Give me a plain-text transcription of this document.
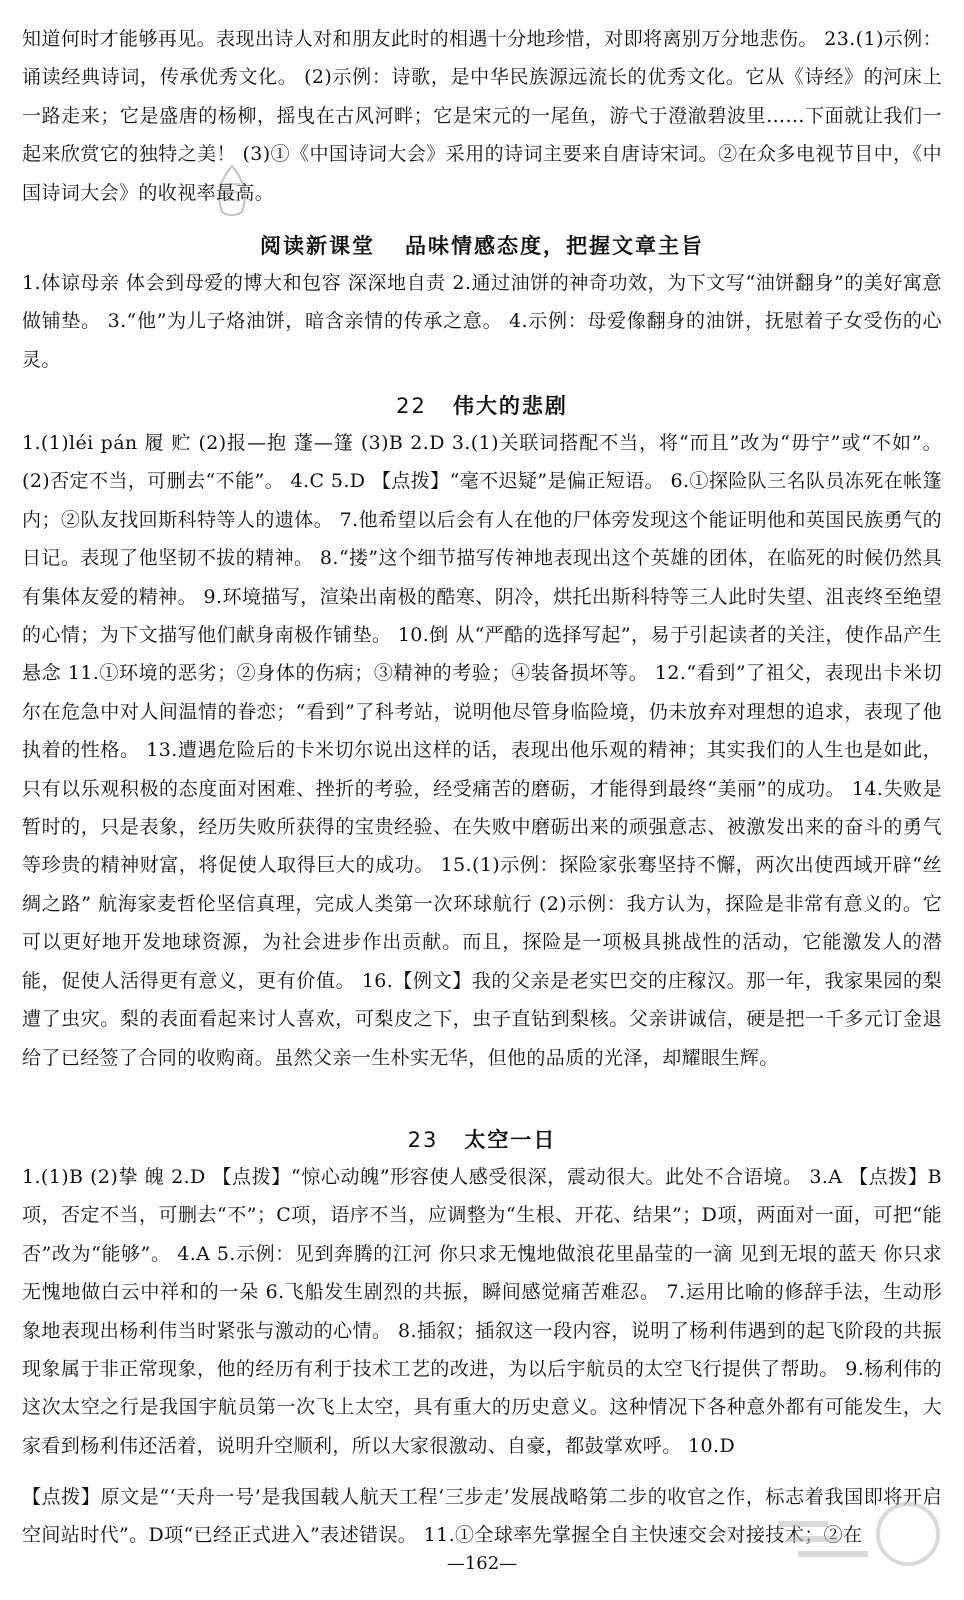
知道何时才能够再见。表现出诗人对和朋友此时的相遇十分地珍惜，对即将离别万分地悲伤。 23.(1)示例：诵读经典诗词，传承优秀文化。 (2)示例：诗歌，是中华民族源远流长的优秀文化。它从《诗经》的河床上一路走来；它是盛唐的杨柳，摇曳在古风河畔；它是宋元的一尾鱼，游弋于澄澈碧波里……下面就让我们一起来欣赏它的独特之美！ (3)①《中国诗词大会》采用的诗词主要来自唐诗宋词。②在众多电视节目中，《中国诗词大会》的收视率最高。

阅读新课堂 品味情感态度，把握文章主旨

1.体谅母亲 体会到母爱的博大和包容 深深地自责 2.通过油饼的神奇功效，为下文写“油饼翻身”的美好寓意做铺垫。 3.“他”为儿子烙油饼，暗含亲情的传承之意。 4.示例：母爱像翻身的油饼，抚慰着子女受伤的心灵。

22 伟大的悲剧

1.(1)léi pán 履 贮 (2)报—抱 蓬—篷 (3)B 2.D 3.(1)关联词搭配不当，将“而且”改为“毋宁”或“不如”。 (2)否定不当，可删去“不能”。 4.C 5.D 【点拨】“毫不迟疑”是偏正短语。 6.①探险队三名队员冻死在帐篷内；②队友找回斯科特等人的遗体。 7.他希望以后会有人在他的尸体旁发现这个能证明他和英国民族勇气的日记。表现了他坚韧不拔的精神。 8.“搂”这个细节描写传神地表现出这个英雄的团体，在临死的时候仍然具有集体友爱的精神。 9.环境描写，渲染出南极的酷寒、阴冷，烘托出斯科特等三人此时失望、沮丧终至绝望的心情；为下文描写他们献身南极作铺垫。 10.倒 从“严酷的选择写起”，易于引起读者的关注，使作品产生悬念 11.①环境的恶劣；②身体的伤病；③精神的考验；④装备损坏等。 12.“看到”了祖父，表现出卡米切尔在危急中对人间温情的眷恋；“看到”了科考站，说明他尽管身临险境，仍未放弃对理想的追求，表现了他执着的性格。 13.遭遇危险后的卡米切尔说出这样的话，表现出他乐观的精神；其实我们的人生也是如此，只有以乐观积极的态度面对困难、挫折的考验，经受痛苦的磨砺，才能得到最终“美丽”的成功。 14.失败是暂时的，只是表象，经历失败所获得的宝贵经验、在失败中磨砺出来的顽强意志、被激发出来的奋斗的勇气等珍贵的精神财富，将促使人取得巨大的成功。 15.(1)示例：探险家张骞坚持不懈，两次出使西域开辟“丝绸之路” 航海家麦哲伦坚信真理，完成人类第一次环球航行 (2)示例：我方认为，探险是非常有意义的。它可以更好地开发地球资源，为社会进步作出贡献。而且，探险是一项极具挑战性的活动，它能激发人的潜能，促使人活得更有意义，更有价值。 16.【例文】我的父亲是老实巴交的庄稼汉。那一年，我家果园的梨遭了虫灾。梨的表面看起来讨人喜欢，可梨皮之下，虫子直钻到梨核。父亲讲诚信，硬是把一千多元订金退给了已经签了合同的收购商。虽然父亲一生朴实无华，但他的品质的光泽，却耀眼生辉。

23 太空一日

1.(1)B (2)挚 魄 2.D 【点拨】“惊心动魄”形容使人感受很深，震动很大。此处不合语境。 3.A 【点拨】B项，否定不当，可删去“不”；C项，语序不当，应调整为“生根、开花、结果”；D项，两面对一面，可把“能否”改为“能够”。 4.A 5.示例：见到奔腾的江河 你只求无愧地做浪花里晶莹的一滴 见到无垠的蓝天 你只求无愧地做白云中祥和的一朵 6.飞船发生剧烈的共振，瞬间感觉痛苦难忍。 7.运用比喻的修辞手法，生动形象地表现出杨利伟当时紧张与激动的心情。 8.插叙；插叙这一段内容，说明了杨利伟遇到的起飞阶段的共振现象属于非正常现象，他的经历有利于技术工艺的改进，为以后宇航员的太空飞行提供了帮助。 9.杨利伟的这次太空之行是我国宇航员第一次飞上太空，具有重大的历史意义。这种情况下各种意外都有可能发生，大家看到杨利伟还活着，说明升空顺利，所以大家很激动、自豪，都鼓掌欢呼。 10.D

【点拨】原文是“‘天舟一号’是我国载人航天工程‘三步走’发展战略第二步的收官之作，标志着我国即将开启空间站时代”。D项“已经正式进入”表述错误。 11.①全球率先掌握全自主快速交会对接技术；②在

—162—
